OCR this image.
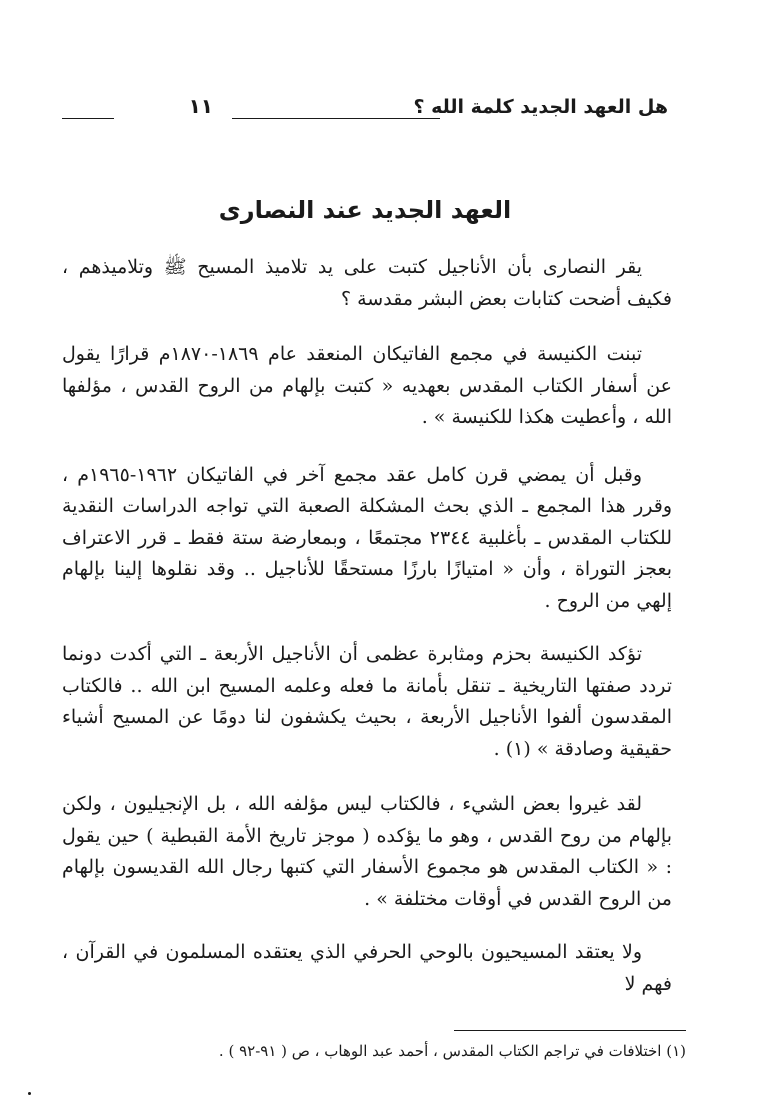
هل العهد الجديد كلمة الله ؟
١١
العهد الجديد عند النصارى

يقر النصارى بأن الأناجيل كتبت على يد تلاميذ المسيح ﷺ وتلاميذهم ، فكيف أضحت كتابات بعض البشر مقدسة ؟

تبنت الكنيسة في مجمع الفاتيكان المنعقد عام ١٨٦٩-١٨٧٠م قرارًا يقول عن أسفار الكتاب المقدس بعهديه « كتبت بإلهام من الروح القدس ، مؤلفها الله ، وأعطيت هكذا للكنيسة » .

وقبل أن يمضي قرن كامل عقد مجمع آخر في الفاتيكان ١٩٦٢-١٩٦٥م ، وقرر هذا المجمع ـ الذي بحث المشكلة الصعبة التي تواجه الدراسات النقدية للكتاب المقدس ـ بأغلبية ٢٣٤٤ مجتمعًا ، وبمعارضة ستة فقط ـ قرر الاعتراف بعجز التوراة ، وأن « امتيازًا بارزًا مستحقًا للأناجيل .. وقد نقلوها إلينا بإلهام إلهي من الروح .

تؤكد الكنيسة بحزم ومثابرة عظمى أن الأناجيل الأربعة ـ التي أكدت دونما تردد صفتها التاريخية ـ تنقل بأمانة ما فعله وعلمه المسيح ابن الله .. فالكتاب المقدسون ألفوا الأناجيل الأربعة ، بحيث يكشفون لنا دومًا عن المسيح أشياء حقيقية وصادقة » (١) .

لقد غيروا بعض الشيء ، فالكتاب ليس مؤلفه الله ، بل الإنجيليون ، ولكن بإلهام من روح القدس ، وهو ما يؤكده ( موجز تاريخ الأمة القبطية ) حين يقول : « الكتاب المقدس هو مجموع الأسفار التي كتبها رجال الله القديسون بإلهام من الروح القدس في أوقات مختلفة » .

ولا يعتقد المسيحيون بالوحي الحرفي الذي يعتقده المسلمون في القرآن ، فهم لا

(١) اختلافات في تراجم الكتاب المقدس ، أحمد عبد الوهاب ، ص ( ٩١-٩٢ ) .
